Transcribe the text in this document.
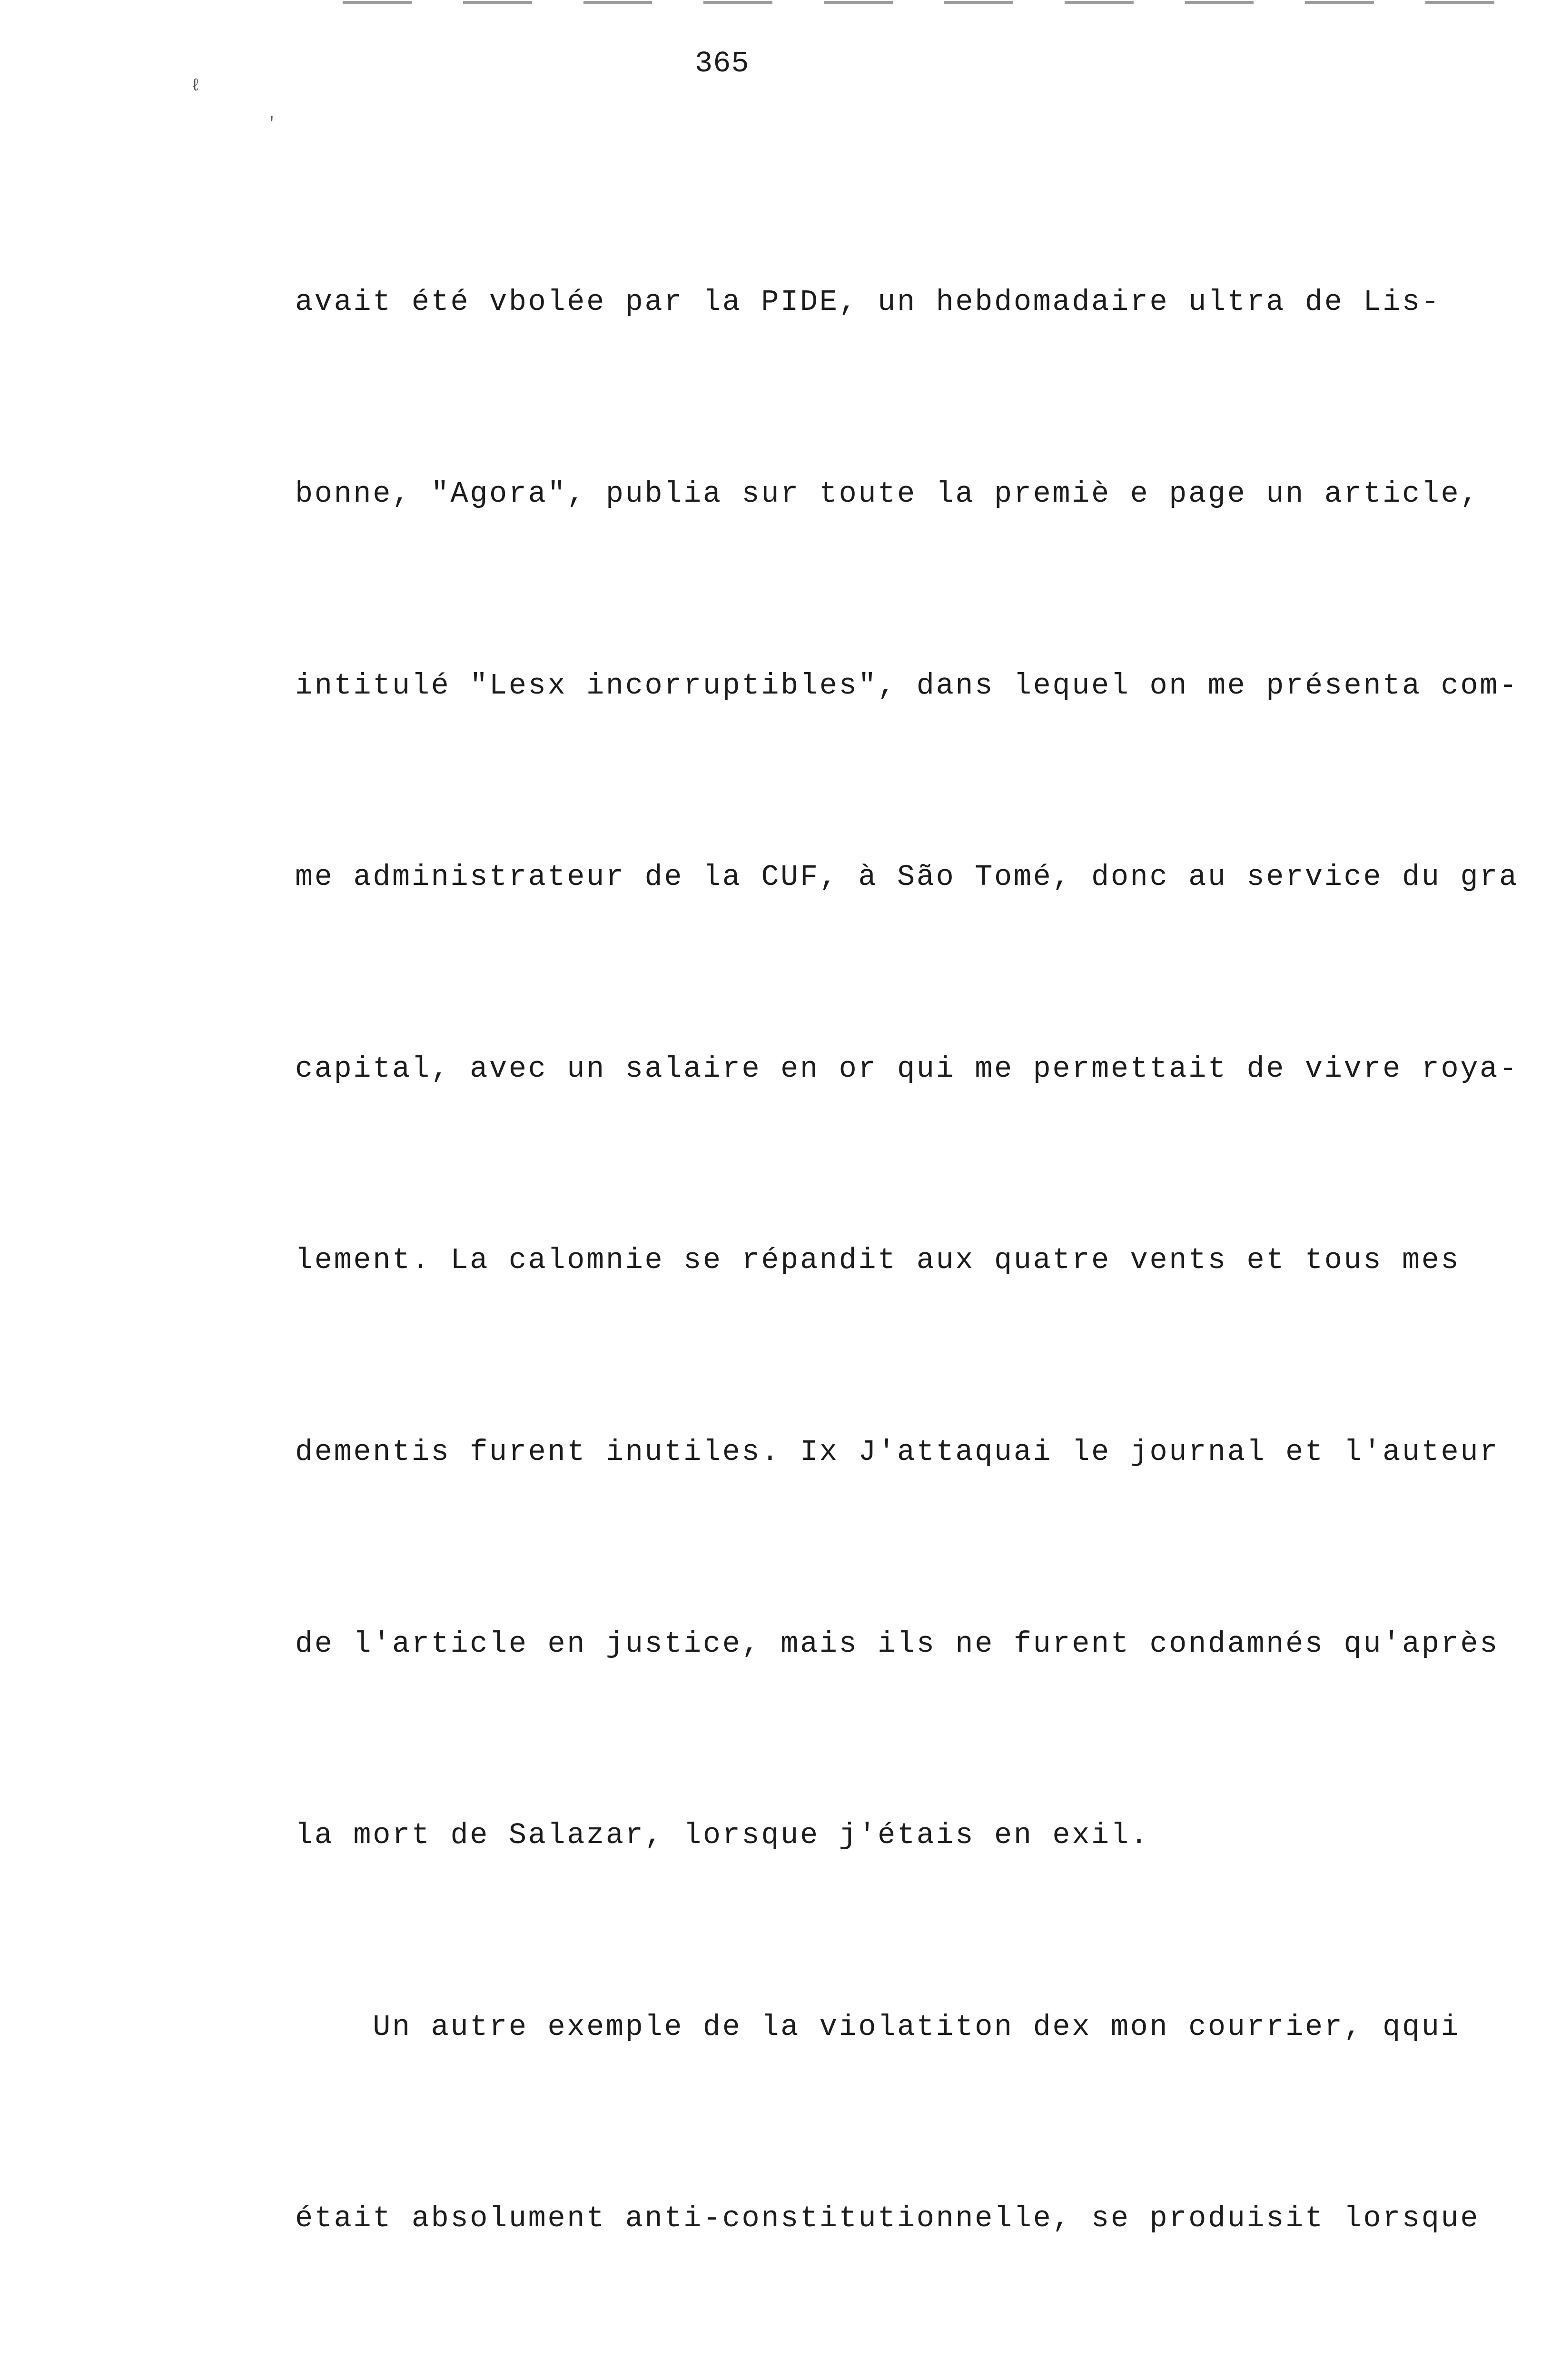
ℓ
′
365

avait été vbolée par la PIDE, un hebdomadaire ultra de Lis-

bonne, "Agora", publia sur toute la premiè e page un article,

intitulé "Lesx incorruptibles", dans lequel on me présenta com-

me administrateur de la CUF, à São Tomé, donc au service du gra

capital, avec un salaire en or qui me permettait de vivre roya-

lement. La calomnie se répandit aux quatre vents et tous mes

dementis furent inutiles. Ix J'attaquai le journal et l'auteur

de l'article en justice, mais ils ne furent condamnés qu'après

la mort de Salazar, lorsque j'étais en exil.

Un autre exemple de la violatiton dex mon courrier, qqui

était absolument anti-constitutionnelle, se produisit lorsque
